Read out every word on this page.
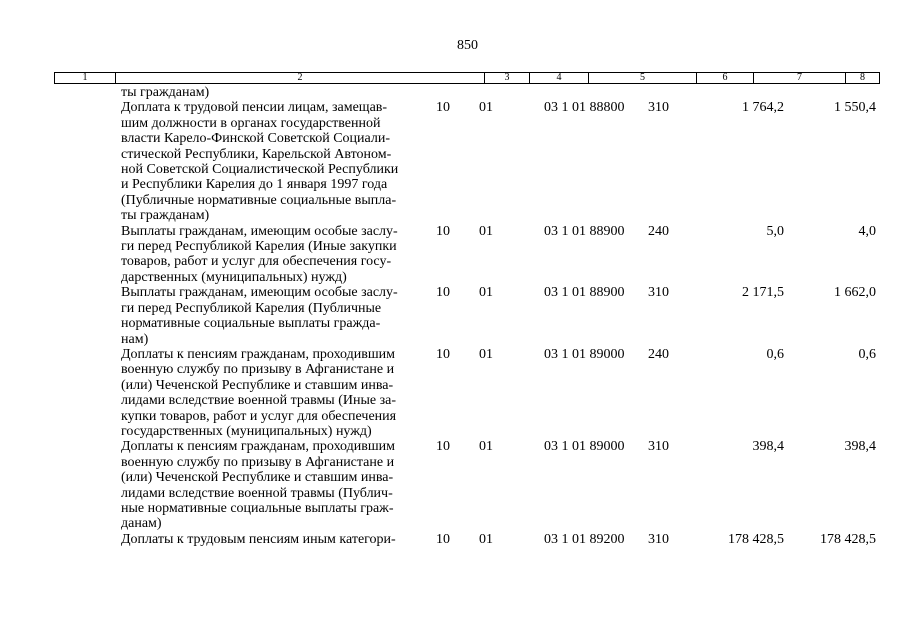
850
1	2	3	4	5	6	7	8
ты гражданам)
Доплата к трудовой пенсии лицам, замещав-
шим должности в органах государственной
власти Карело-Финской Советской Социали-
стической Республики, Карельской Автоном-
ной Советской Социалистической Республики
и Республики Карелия до 1 января 1997 года
(Публичные нормативные социальные выпла-
ты гражданам)
10 01	03 1 01 88800 310	1 764,2	1 550,4
Выплаты гражданам, имеющим особые заслу-
ги перед Республикой Карелия (Иные закупки
товаров, работ и услуг для обеспечения госу-
дарственных (муниципальных) нужд)
10 01	03 1 01 88900 240	5,0	4,0
Выплаты гражданам, имеющим особые заслу-
ги перед Республикой Карелия (Публичные
нормативные социальные выплаты гражда-
нам)
10 01	03 1 01 88900 310	2 171,5	1 662,0
Доплаты к пенсиям гражданам, проходившим
военную службу по призыву в Афганистане и
(или) Чеченской Республике и ставшим инва-
лидами вследствие военной травмы (Иные за-
купки товаров, работ и услуг для обеспечения
государственных (муниципальных) нужд)
10 01	03 1 01 89000 240	0,6	0,6
Доплаты к пенсиям гражданам, проходившим
военную службу по призыву в Афганистане и
(или) Чеченской Республике и ставшим инва-
лидами вследствие военной травмы (Публич-
ные нормативные социальные выплаты граж-
данам)
10 01	03 1 01 89000 310	398,4	398,4
Доплаты к трудовым пенсиям иным категори-	10 01	03 1 01 89200 310	178 428,5	178 428,5
